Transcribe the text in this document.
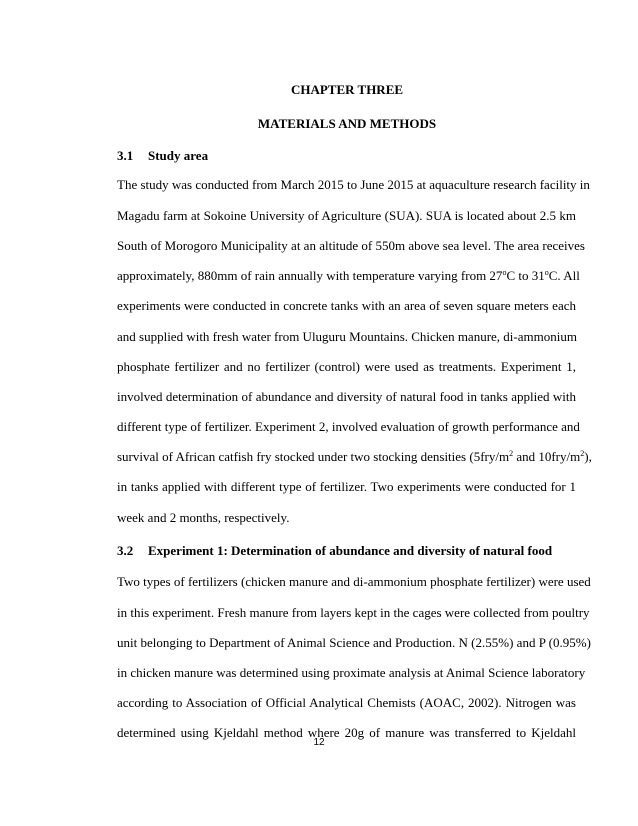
CHAPTER THREE
MATERIALS AND METHODS
3.1 Study area
The study was conducted from March 2015 to June 2015 at aquaculture research facility in
Magadu farm at Sokoine University of Agriculture (SUA). SUA is located about 2.5 km
South of Morogoro Municipality at an altitude of 550m above sea level. The area receives
approximately, 880mm of rain annually with temperature varying from 27$^o$C to 31$^o$C. All
experiments were conducted in concrete tanks with an area of seven square meters each
and supplied with fresh water from Uluguru Mountains. Chicken manure, di-ammonium
phosphate fertilizer and no fertilizer (control) were used as treatments. Experiment 1,
involved determination of abundance and diversity of natural food in tanks applied with
different type of fertilizer. Experiment 2, involved evaluation of growth performance and
survival of African catfish fry stocked under two stocking densities ($5fry/m^2$ and $10fry/m^2$),
in tanks applied with different type of fertilizer. Two experiments were conducted for 1
week and 2 months, respectively.
3.2 Experiment 1: Determination of abundance and diversity of natural food
Two types of fertilizers (chicken manure and di-ammonium phosphate fertilizer) were used
in this experiment. Fresh manure from layers kept in the cages were collected from poultry
unit belonging to Department of Animal Science and Production. N (2.55%) and P (0.95%)
in chicken manure was determined using proximate analysis at Animal Science laboratory
according to Association of Official Analytical Chemists (AOAC, 2002). Nitrogen was
determined using Kjeldahl method where 20g of manure was transferred to Kjeldahl
12
